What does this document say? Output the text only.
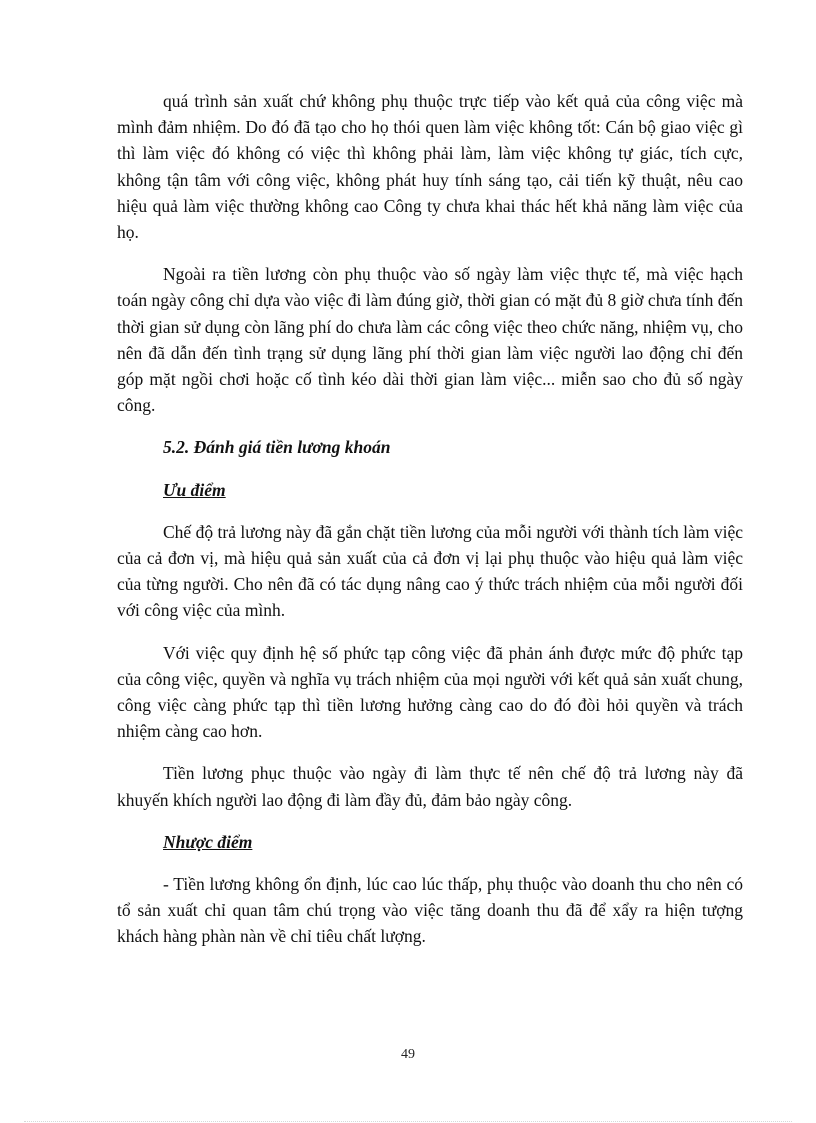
quá trình sản xuất chứ không phụ thuộc trực tiếp vào kết quả của công việc mà mình đảm nhiệm. Do đó đã tạo cho họ thói quen làm việc không tốt: Cán bộ giao việc gì thì làm việc đó không có việc thì không phải làm, làm việc không tự giác, tích cực, không tận tâm với công việc, không phát huy tính sáng tạo, cải tiến kỹ thuật, nêu cao hiệu quả làm việc thường không cao Công ty chưa khai thác hết khả năng làm việc của họ.

Ngoài ra tiền lương còn phụ thuộc vào số ngày làm việc thực tế, mà việc hạch toán ngày công chỉ dựa vào việc đi làm đúng giờ, thời gian có mặt đủ 8 giờ chưa tính đến thời gian sử dụng còn lãng phí do chưa làm các công việc theo chức năng, nhiệm vụ, cho nên đã dẫn đến tình trạng sử dụng lãng phí thời gian làm việc người lao động chỉ đến góp mặt ngồi chơi hoặc cố tình kéo dài thời gian làm việc... miễn sao cho đủ số ngày công.

5.2. Đánh giá tiền lương khoán

Ưu điểm

Chế độ trả lương này đã gắn chặt tiền lương của mỗi người với thành tích làm việc của cả đơn vị, mà hiệu quả sản xuất của cả đơn vị lại phụ thuộc vào hiệu quả làm việc của từng người. Cho nên đã có tác dụng nâng cao ý thức trách nhiệm của mỗi người đối với công việc của mình.

Với việc quy định hệ số phức tạp công việc đã phản ánh được mức độ phức tạp của công việc, quyền và nghĩa vụ trách nhiệm của mọi người với kết quả sản xuất chung, công việc càng phức tạp thì tiền lương hưởng càng cao do đó đòi hỏi quyền và trách nhiệm càng cao hơn.

Tiền lương phục thuộc vào ngày đi làm thực tế nên chế độ trả lương này đã khuyến khích người lao động đi làm đầy đủ, đảm bảo ngày công.

Nhược điểm

- Tiền lương không ổn định, lúc cao lúc thấp, phụ thuộc vào doanh thu cho nên có tổ sản xuất chỉ quan tâm chú trọng vào việc tăng doanh thu đã để xẩy ra hiện tượng khách hàng phàn nàn về chỉ tiêu chất lượng.

49
